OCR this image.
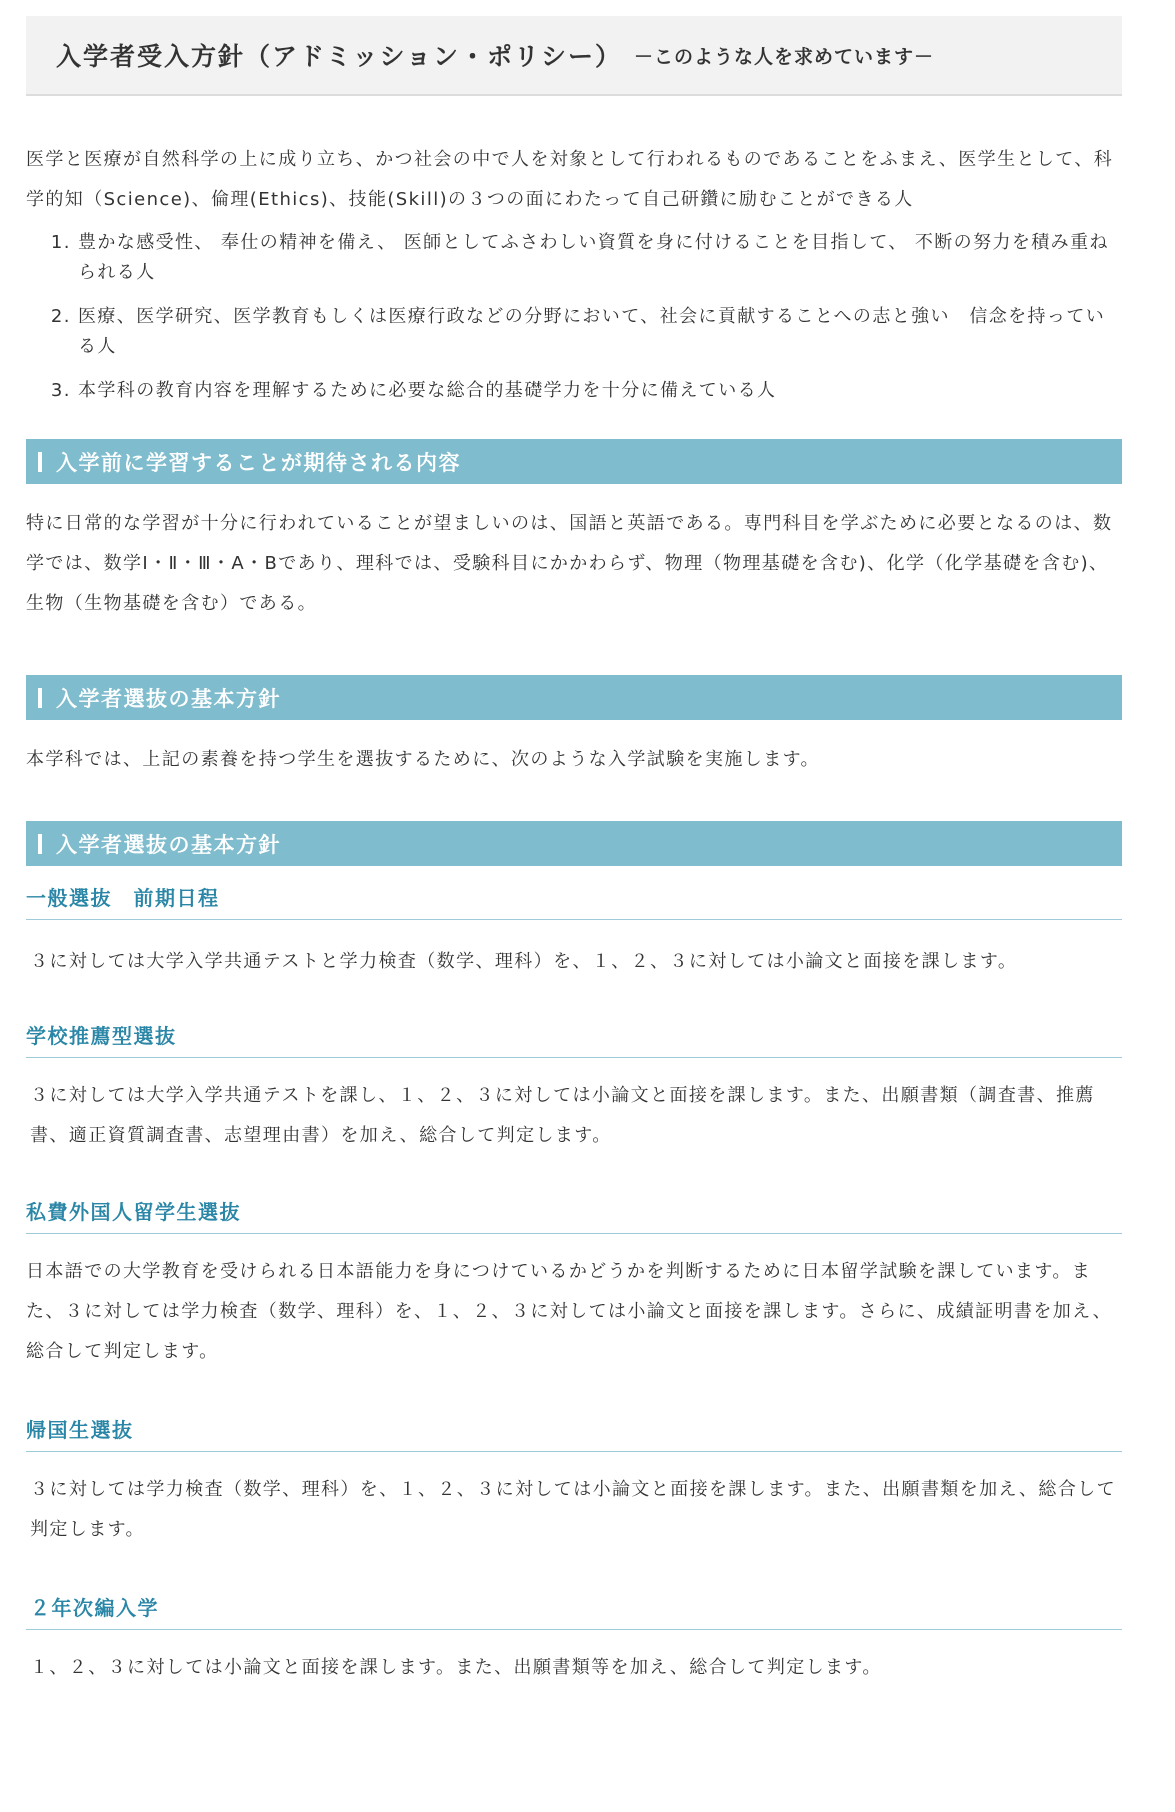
入学者受入方針（アドミッション・ポリシー） －このような人を求めています－

医学と医療が自然科学の上に成り立ち、かつ社会の中で人を対象として行われるものであることをふまえ、医学生として、科学的知（Science)、倫理(Ethics)、技能(Skill)の３つの面にわたって自己研鑽に励むことができる人

1. 豊かな感受性、 奉仕の精神を備え、 医師としてふさわしい資質を身に付けることを目指して、 不断の努力を積み重ねられる人
2. 医療、医学研究、医学教育もしくは医療行政などの分野において、社会に貢献することへの志と強い　信念を持っている人
3. 本学科の教育内容を理解するために必要な総合的基礎学力を十分に備えている人
入学前に学習することが期待される内容

特に日常的な学習が十分に行われていることが望ましいのは、国語と英語である。専門科目を学ぶために必要となるのは、数学では、数学Ⅰ・Ⅱ・Ⅲ・A・Bであり、理科では、受験科目にかかわらず、物理（物理基礎を含む)、化学（化学基礎を含む)、生物（生物基礎を含む）である。

入学者選抜の基本方針

本学科では、上記の素養を持つ学生を選抜するために、次のような入学試験を実施します。

入学者選抜の基本方針
一般選抜　前期日程

３に対しては大学入学共通テストと学力検査（数学、理科）を、１、２、３に対しては小論文と面接を課します。

学校推薦型選抜

３に対しては大学入学共通テストを課し、１、２、３に対しては小論文と面接を課します。また、出願書類（調査書、推薦書、適正資質調査書、志望理由書）を加え、総合して判定します。

私費外国人留学生選抜

日本語での大学教育を受けられる日本語能力を身につけているかどうかを判断するために日本留学試験を課しています。また、３に対しては学力検査（数学、理科）を、１、２、３に対しては小論文と面接を課します。さらに、成績証明書を加え、総合して判定します。

帰国生選抜

３に対しては学力検査（数学、理科）を、１、２、３に対しては小論文と面接を課します。また、出願書類を加え、総合して判定します。

２年次編入学

１、２、３に対しては小論文と面接を課します。また、出願書類等を加え、総合して判定します。
